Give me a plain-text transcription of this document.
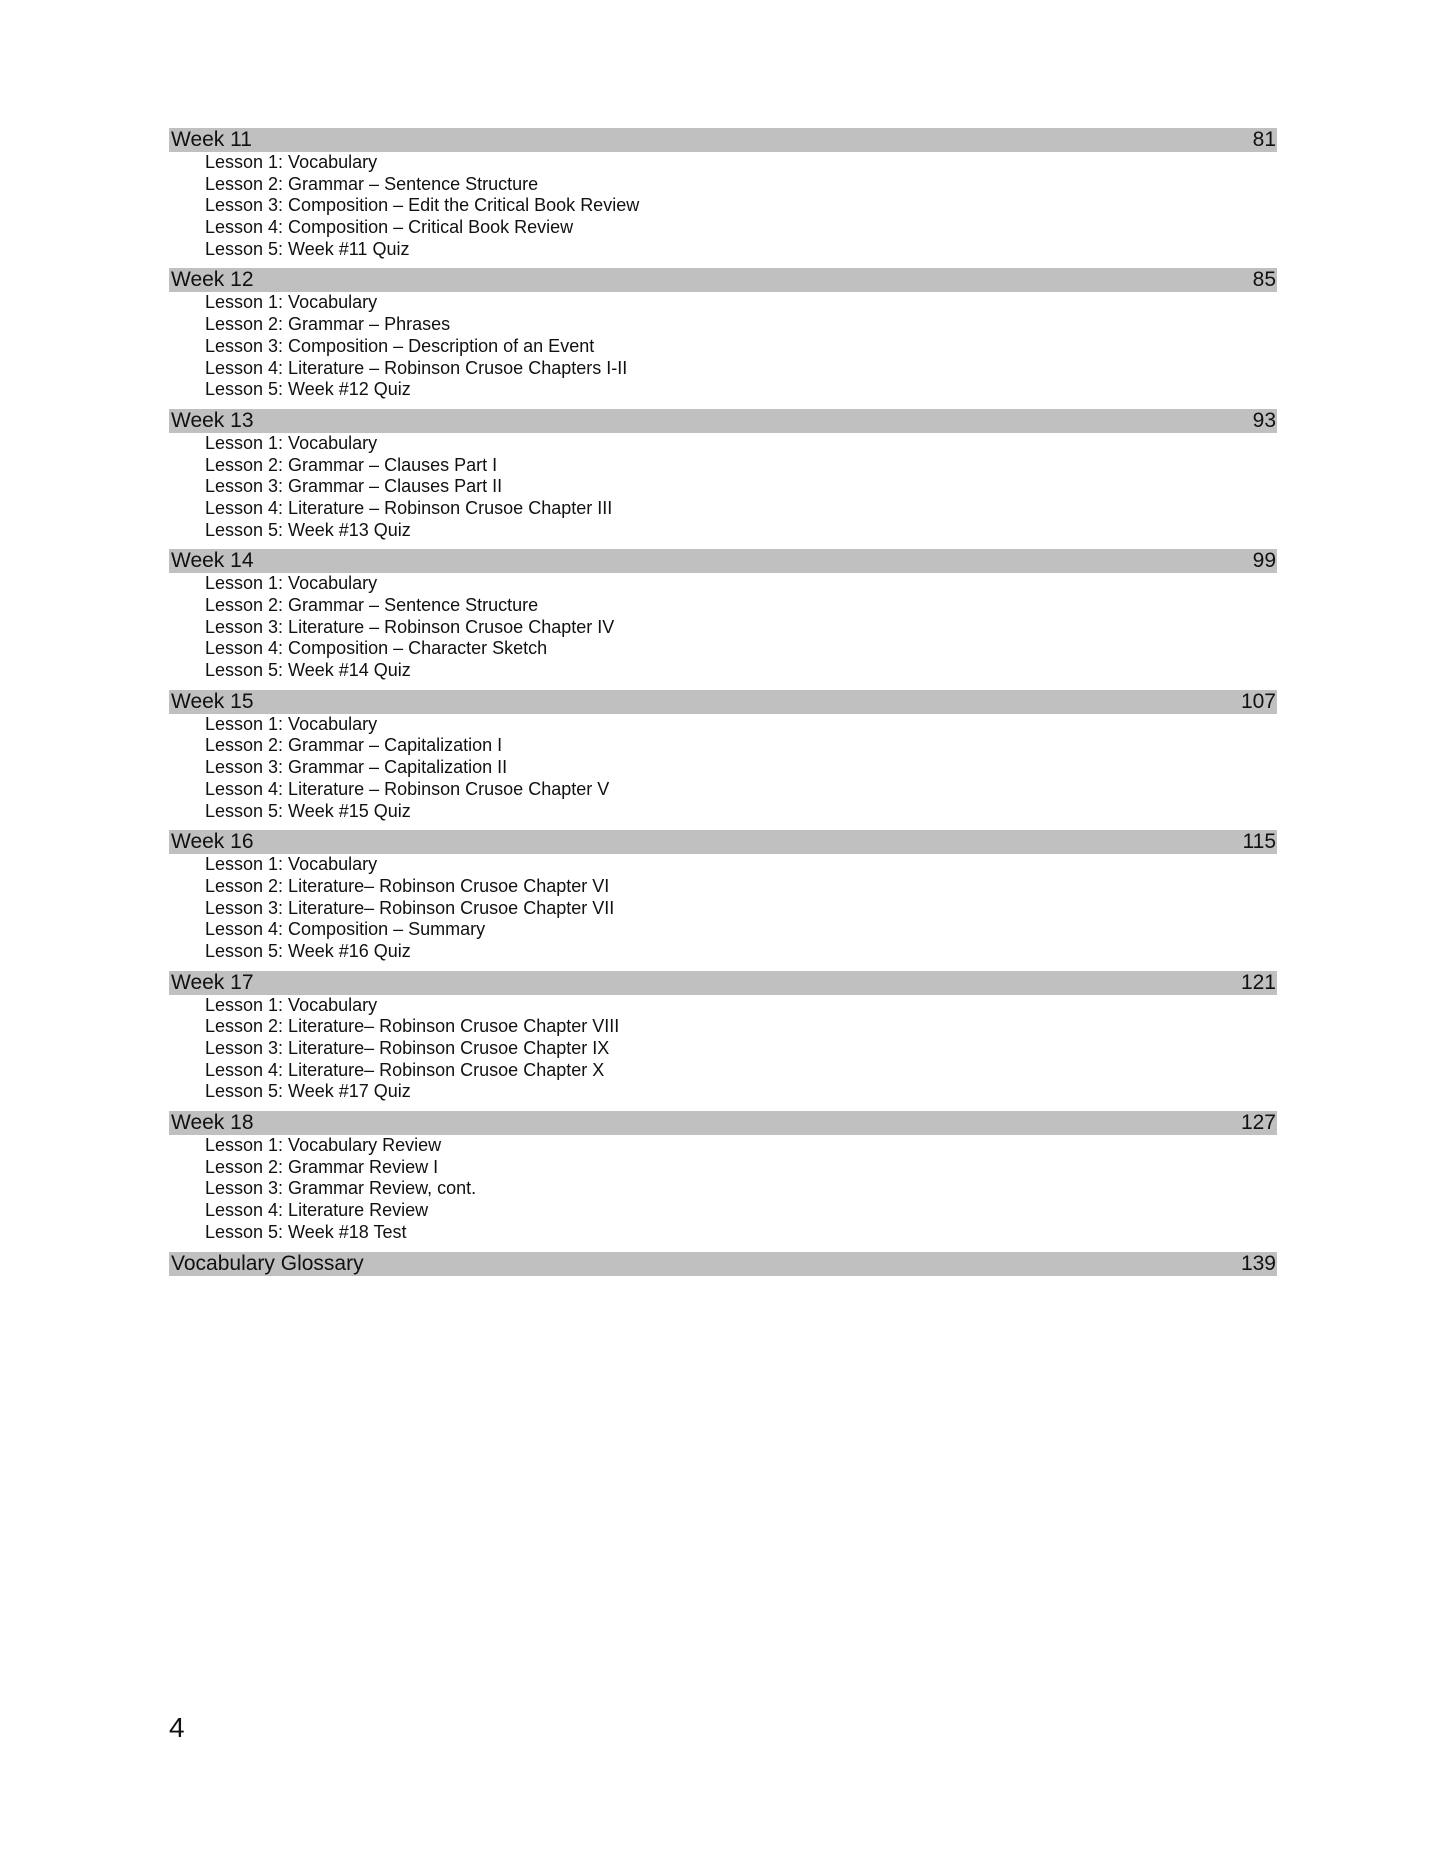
Week 11	81
Lesson 1: Vocabulary
Lesson 2: Grammar – Sentence Structure
Lesson 3: Composition – Edit the Critical Book Review
Lesson 4: Composition – Critical Book Review
Lesson 5: Week #11 Quiz
Week 12	85
Lesson 1: Vocabulary
Lesson 2: Grammar – Phrases
Lesson 3: Composition – Description of an Event
Lesson 4: Literature – Robinson Crusoe Chapters I-II
Lesson 5: Week #12 Quiz
Week 13	93
Lesson 1: Vocabulary
Lesson 2: Grammar – Clauses Part I
Lesson 3: Grammar – Clauses Part II
Lesson 4: Literature – Robinson Crusoe Chapter III
Lesson 5: Week #13 Quiz
Week 14	99
Lesson 1: Vocabulary
Lesson 2: Grammar – Sentence Structure
Lesson 3: Literature – Robinson Crusoe Chapter IV
Lesson 4: Composition – Character Sketch
Lesson 5: Week #14 Quiz
Week 15	107
Lesson 1: Vocabulary
Lesson 2: Grammar – Capitalization I
Lesson 3: Grammar – Capitalization II
Lesson 4: Literature – Robinson Crusoe Chapter V
Lesson 5: Week #15 Quiz
Week 16	115
Lesson 1: Vocabulary
Lesson 2: Literature– Robinson Crusoe Chapter VI
Lesson 3: Literature– Robinson Crusoe Chapter VII
Lesson 4: Composition – Summary
Lesson 5: Week #16 Quiz
Week 17	121
Lesson 1: Vocabulary
Lesson 2: Literature– Robinson Crusoe Chapter VIII
Lesson 3: Literature– Robinson Crusoe Chapter IX
Lesson 4: Literature– Robinson Crusoe Chapter X
Lesson 5: Week #17 Quiz
Week 18	127
Lesson 1: Vocabulary Review
Lesson 2: Grammar Review I
Lesson 3: Grammar Review, cont.
Lesson 4: Literature Review
Lesson 5: Week #18 Test
Vocabulary Glossary	139
4
